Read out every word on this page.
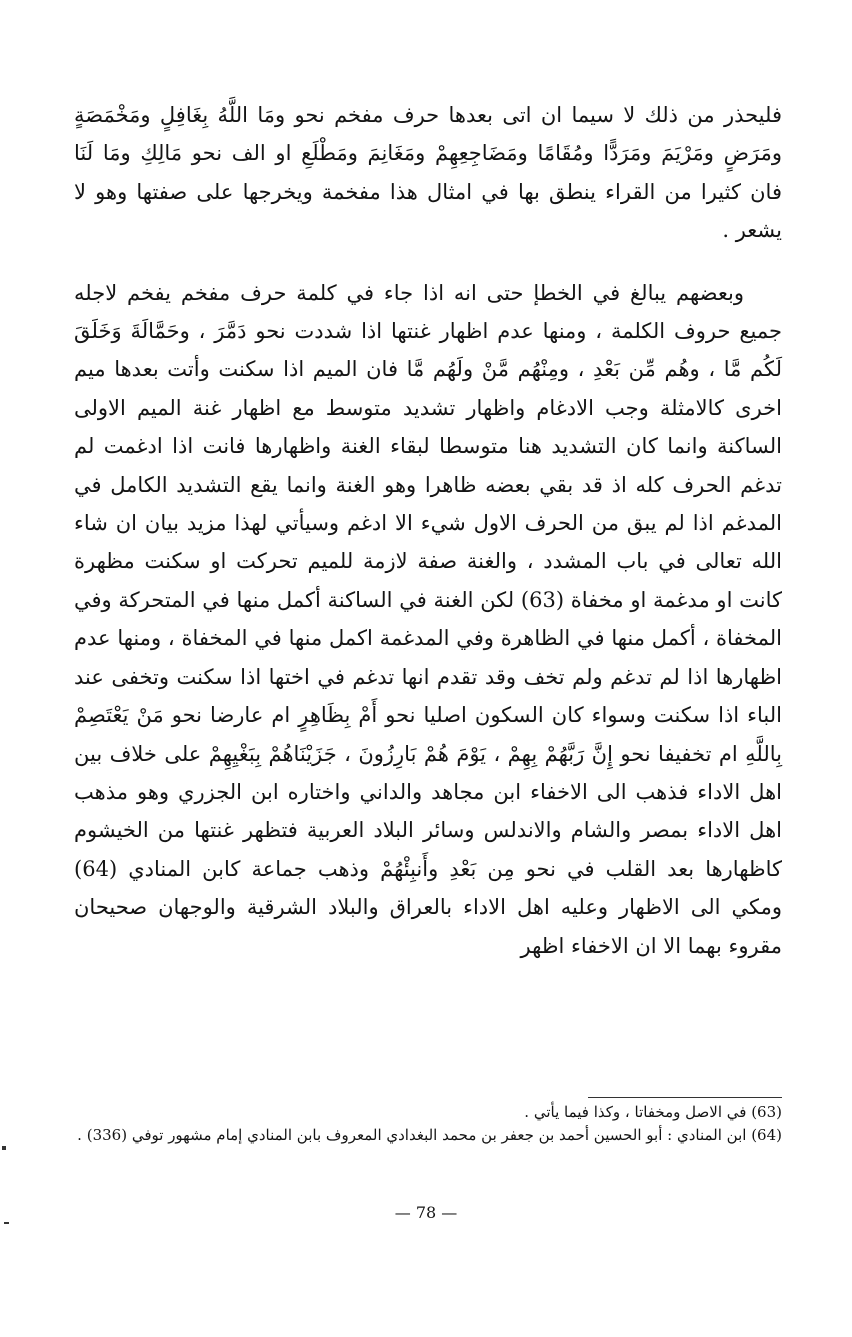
فليحذر من ذلك لا سيما ان اتى بعدها حرف مفخم نحو ومَا اللَّهُ بِغَافِلٍ ومَخْمَصَةٍ ومَرَضٍ ومَرْيَمَ ومَرَدًّا ومُقَامًا ومَضَاجِعِهِمْ ومَغَانِمَ ومَطْلَعِ او الف نحو مَالِكِ ومَا لَنَا فان كثيرا من القراء ينطق بها في امثال هذا مفخمة ويخرجها على صفتها وهو لا يشعر .

وبعضهم يبالغ في الخطإ حتى انه اذا جاء في كلمة حرف مفخم يفخم لاجله جميع حروف الكلمة ، ومنها عدم اظهار غنتها اذا شددت نحو دَمَّرَ ، وحَمَّالَةَ وَخَلَقَ لَكُم مَّا ، وهُم مِّن بَعْدِ ، ومِنْهُم مَّنْ ولَهُم مَّا فان الميم اذا سكنت وأتت بعدها ميم اخرى كالامثلة وجب الادغام واظهار تشديد متوسط مع اظهار غنة الميم الاولى الساكنة وانما كان التشديد هنا متوسطا لبقاء الغنة واظهارها فانت اذا ادغمت لم تدغم الحرف كله اذ قد بقي بعضه ظاهرا وهو الغنة وانما يقع التشديد الكامل في المدغم اذا لم يبق من الحرف الاول شيء الا ادغم وسيأتي لهذا مزيد بيان ان شاء الله تعالى في باب المشدد ، والغنة صفة لازمة للميم تحركت او سكنت مظهرة كانت او مدغمة او مخفاة (63) لكن الغنة في الساكنة أكمل منها في المتحركة وفي المخفاة ، أكمل منها في الظاهرة وفي المدغمة اكمل منها في المخفاة ، ومنها عدم اظهارها اذا لم تدغم ولم تخف وقد تقدم انها تدغم في اختها اذا سكنت وتخفى عند الباء اذا سكنت وسواء كان السكون اصليا نحو أَمْ بِظَاهِرٍ ام عارضا نحو مَنْ يَعْتَصِمْ بِاللَّهِ ام تخفيفا نحو إِنَّ رَبَّهُمْ بِهِمْ ، يَوْمَ هُمْ بَارِزُونَ ، جَزَيْنَاهُمْ بِبَغْيِهِمْ على خلاف بين اهل الاداء فذهب الى الاخفاء ابن مجاهد والداني واختاره ابن الجزري وهو مذهب اهل الاداء بمصر والشام والاندلس وسائر البلاد العربية فتظهر غنتها من الخيشوم كاظهارها بعد القلب في نحو مِن بَعْدِ وأَنبِئْهُمْ وذهب جماعة كابن المنادي (64) ومكي الى الاظهار وعليه اهل الاداء بالعراق والبلاد الشرقية والوجهان صحيحان مقروء بهما الا ان الاخفاء اظهر

(63) في الاصل ومخفاتا ، وكذا فيما يأتي .

(64) ابن المنادي : أبو الحسين أحمد بن جعفر بن محمد البغدادي المعروف بابن المنادي إمام مشهور توفي (336) .

— 78 —
